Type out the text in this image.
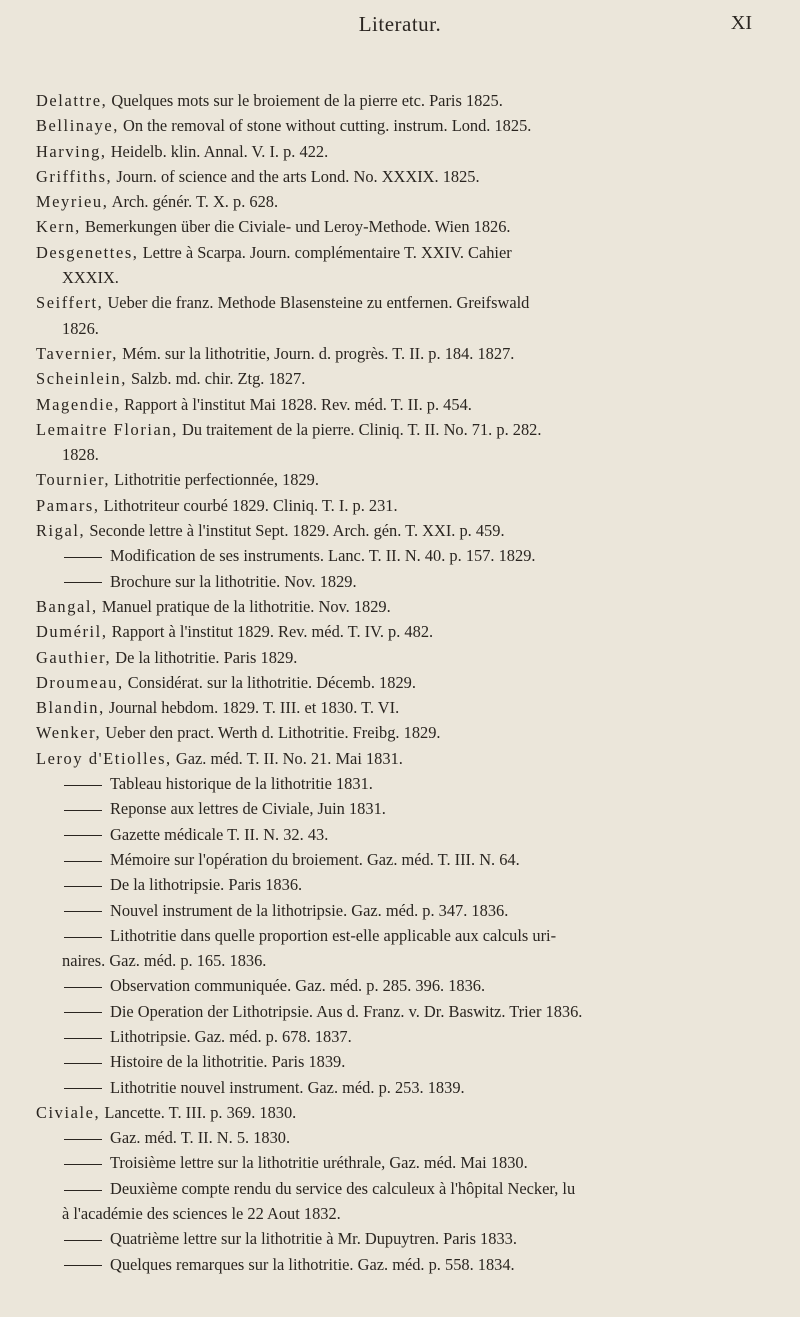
Literatur.	XI
Delattre, Quelques mots sur le broiement de la pierre etc. Paris 1825.
Bellinaye, On the removal of stone without cutting. instrum. Lond. 1825.
Harving, Heidelb. klin. Annal. V. I. p. 422.
Griffiths, Journ. of science and the arts Lond. No. XXXIX. 1825.
Meyrieu, Arch. génér. T. X. p. 628.
Kern, Bemerkungen über die Civiale- und Leroy-Methode. Wien 1826.
Desgenettes, Lettre à Scarpa. Journ. complémentaire T. XXIV. Cahier
XXXIX.
Seiffert, Ueber die franz. Methode Blasensteine zu entfernen. Greifswald
1826.
Tavernier, Mém. sur la lithotritie, Journ. d. progrès. T. II. p. 184. 1827.
Scheinlein, Salzb. md. chir. Ztg. 1827.
Magendie, Rapport à l'institut Mai 1828. Rev. méd. T. II. p. 454.
Lemaitre Florian, Du traitement de la pierre. Cliniq. T. II. No. 71. p. 282.
1828.
Tournier, Lithotritie perfectionnée, 1829.
Pamars, Lithotriteur courbé 1829. Cliniq. T. I. p. 231.
Rigal, Seconde lettre à l'institut Sept. 1829. Arch. gén. T. XXI. p. 459.
Modification de ses instruments. Lanc. T. II. N. 40. p. 157. 1829.
Brochure sur la lithotritie. Nov. 1829.
Bangal, Manuel pratique de la lithotritie. Nov. 1829.
Duméril, Rapport à l'institut 1829. Rev. méd. T. IV. p. 482.
Gauthier, De la lithotritie. Paris 1829.
Droumeau, Considérat. sur la lithotritie. Décemb. 1829.
Blandin, Journal hebdom. 1829. T. III. et 1830. T. VI.
Wenker, Ueber den pract. Werth d. Lithotritie. Freibg. 1829.
Leroy d'Etiolles, Gaz. méd. T. II. No. 21. Mai 1831.
Tableau historique de la lithotritie 1831.
Reponse aux lettres de Civiale, Juin 1831.
Gazette médicale T. II. N. 32. 43.
Mémoire sur l'opération du broiement. Gaz. méd. T. III. N. 64.
De la lithotripsie. Paris 1836.
Nouvel instrument de la lithotripsie. Gaz. méd. p. 347. 1836.
Lithotritie dans quelle proportion est-elle applicable aux calculs uri-
naires. Gaz. méd. p. 165. 1836.
Observation communiquée. Gaz. méd. p. 285. 396. 1836.
Die Operation der Lithotripsie. Aus d. Franz. v. Dr. Baswitz. Trier 1836.
Lithotripsie. Gaz. méd. p. 678. 1837.
Histoire de la lithotritie. Paris 1839.
Lithotritie nouvel instrument. Gaz. méd. p. 253. 1839.
Civiale, Lancette. T. III. p. 369. 1830.
Gaz. méd. T. II. N. 5. 1830.
Troisième lettre sur la lithotritie uréthrale, Gaz. méd. Mai 1830.
Deuxième compte rendu du service des calculeux à l'hôpital Necker, lu
à l'académie des sciences le 22 Aout 1832.
Quatrième lettre sur la lithotritie à Mr. Dupuytren. Paris 1833.
Quelques remarques sur la lithotritie. Gaz. méd. p. 558. 1834.
